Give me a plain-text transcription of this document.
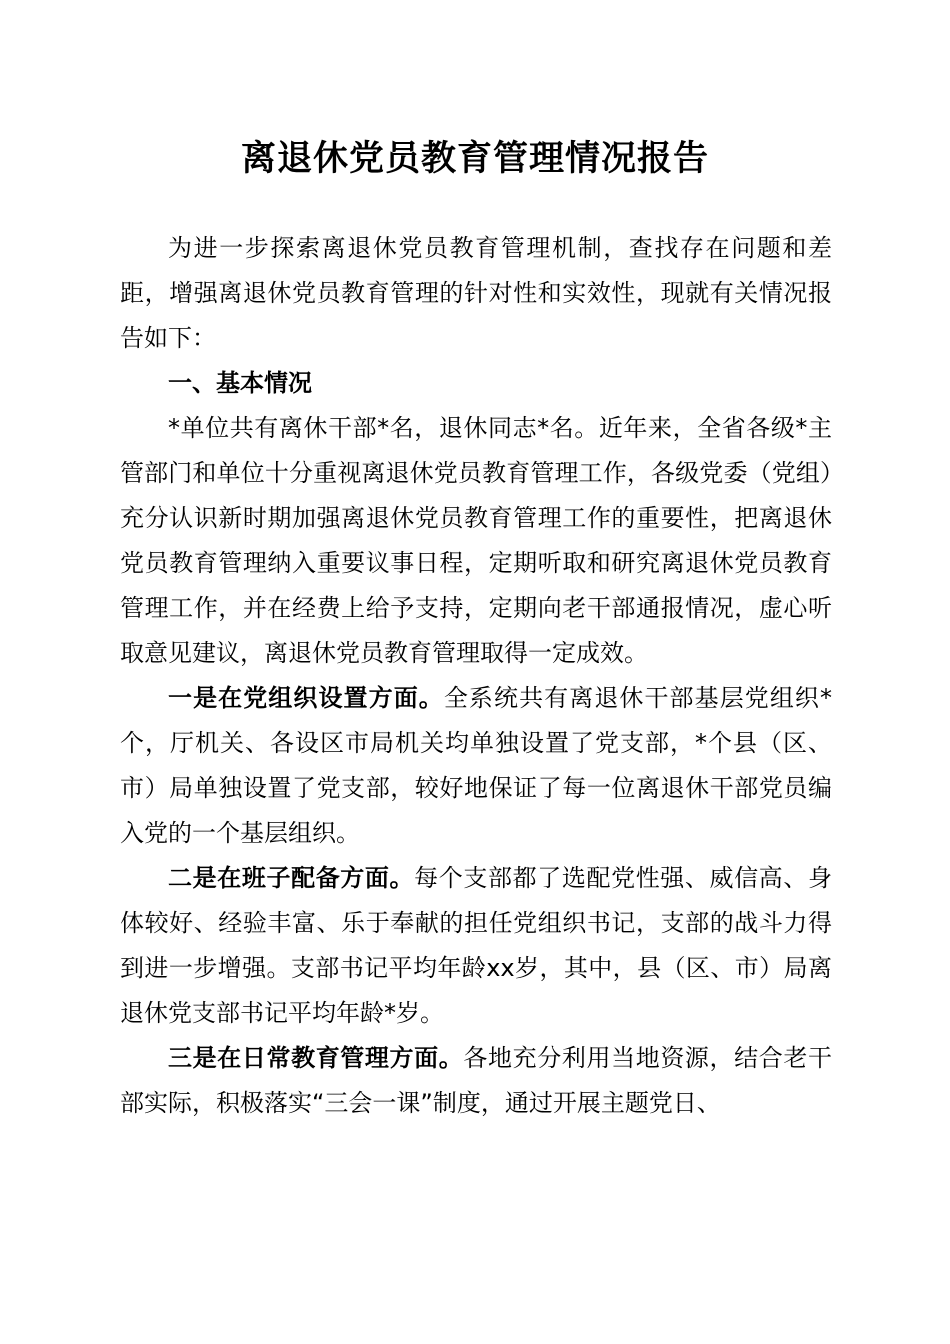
离退休党员教育管理情况报告

为进一步探索离退休党员教育管理机制，查找存在问题和差距，增强离退休党员教育管理的针对性和实效性，现就有关情况报告如下：

一、基本情况

*单位共有离休干部*名，退休同志*名。近年来，全省各级*主管部门和单位十分重视离退休党员教育管理工作，各级党委（党组）充分认识新时期加强离退休党员教育管理工作的重要性，把离退休党员教育管理纳入重要议事日程，定期听取和研究离退休党员教育管理工作，并在经费上给予支持，定期向老干部通报情况，虚心听取意见建议，离退休党员教育管理取得一定成效。

一是在党组织设置方面。全系统共有离退休干部基层党组织*个，厅机关、各设区市局机关均单独设置了党支部，*个县（区、市）局单独设置了党支部，较好地保证了每一位离退休干部党员编入党的一个基层组织。

二是在班子配备方面。每个支部都了选配党性强、威信高、身体较好、经验丰富、乐于奉献的担任党组织书记，支部的战斗力得到进一步增强。支部书记平均年龄xx岁，其中，县（区、市）局离退休党支部书记平均年龄*岁。

三是在日常教育管理方面。各地充分利用当地资源，结合老干部实际，积极落实“三会一课”制度，通过开展主题党日、
